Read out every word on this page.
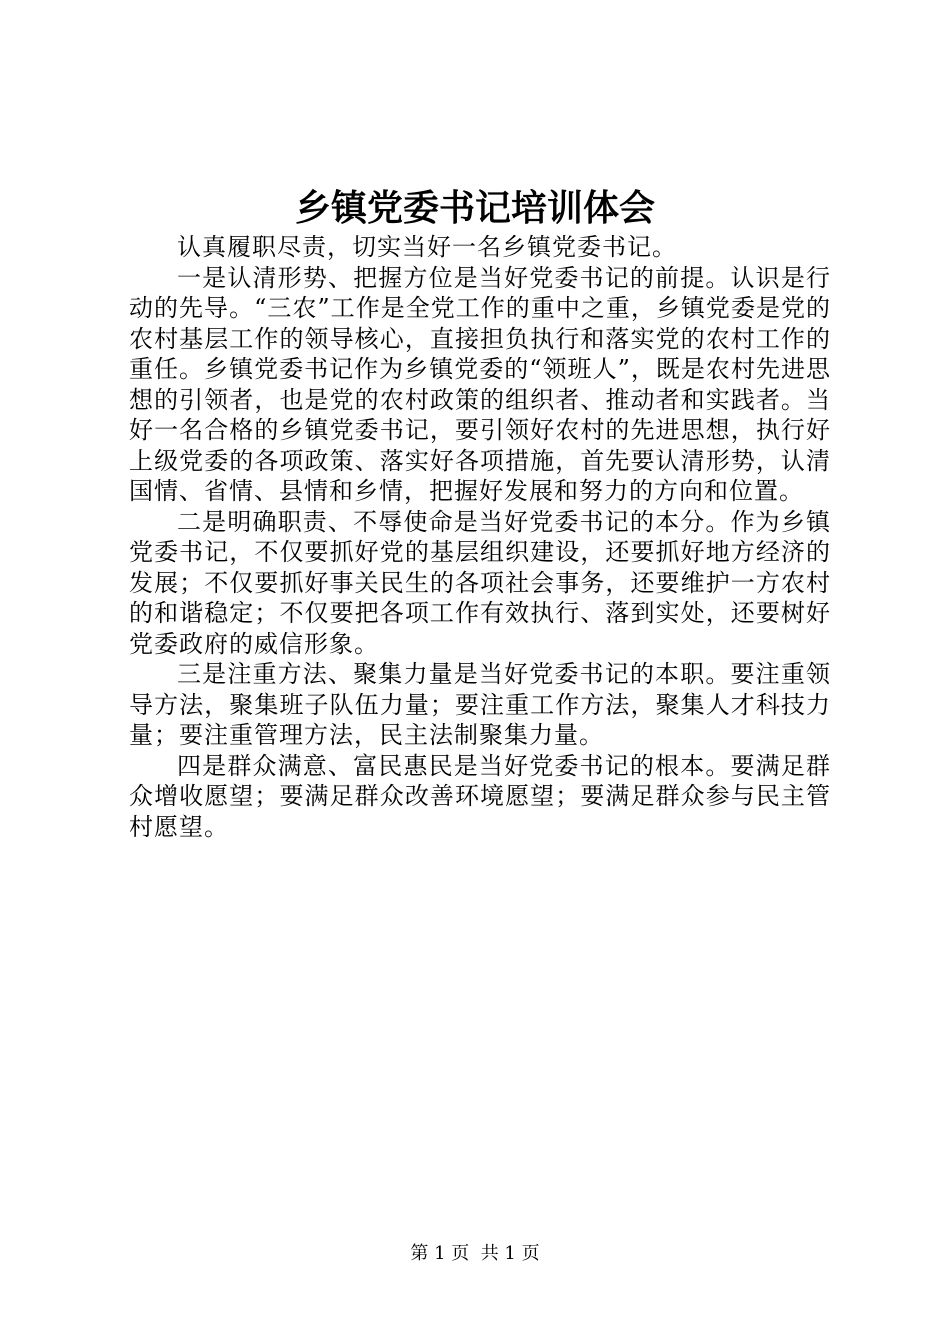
乡镇党委书记培训体会

认真履职尽责，切实当好一名乡镇党委书记。

一是认清形势、把握方位是当好党委书记的前提。认识是行动的先导。“三农”工作是全党工作的重中之重，乡镇党委是党的农村基层工作的领导核心，直接担负执行和落实党的农村工作的重任。乡镇党委书记作为乡镇党委的“领班人”，既是农村先进思想的引领者，也是党的农村政策的组织者、推动者和实践者。当好一名合格的乡镇党委书记，要引领好农村的先进思想，执行好上级党委的各项政策、落实好各项措施，首先要认清形势，认清国情、省情、县情和乡情，把握好发展和努力的方向和位置。

二是明确职责、不辱使命是当好党委书记的本分。作为乡镇党委书记，不仅要抓好党的基层组织建设，还要抓好地方经济的发展；不仅要抓好事关民生的各项社会事务，还要维护一方农村的和谐稳定；不仅要把各项工作有效执行、落到实处，还要树好党委政府的威信形象。

三是注重方法、聚集力量是当好党委书记的本职。要注重领导方法，聚集班子队伍力量；要注重工作方法，聚集人才科技力量；要注重管理方法，民主法制聚集力量。

四是群众满意、富民惠民是当好党委书记的根本。要满足群众增收愿望；要满足群众改善环境愿望；要满足群众参与民主管村愿望。

第 1 页  共 1 页
